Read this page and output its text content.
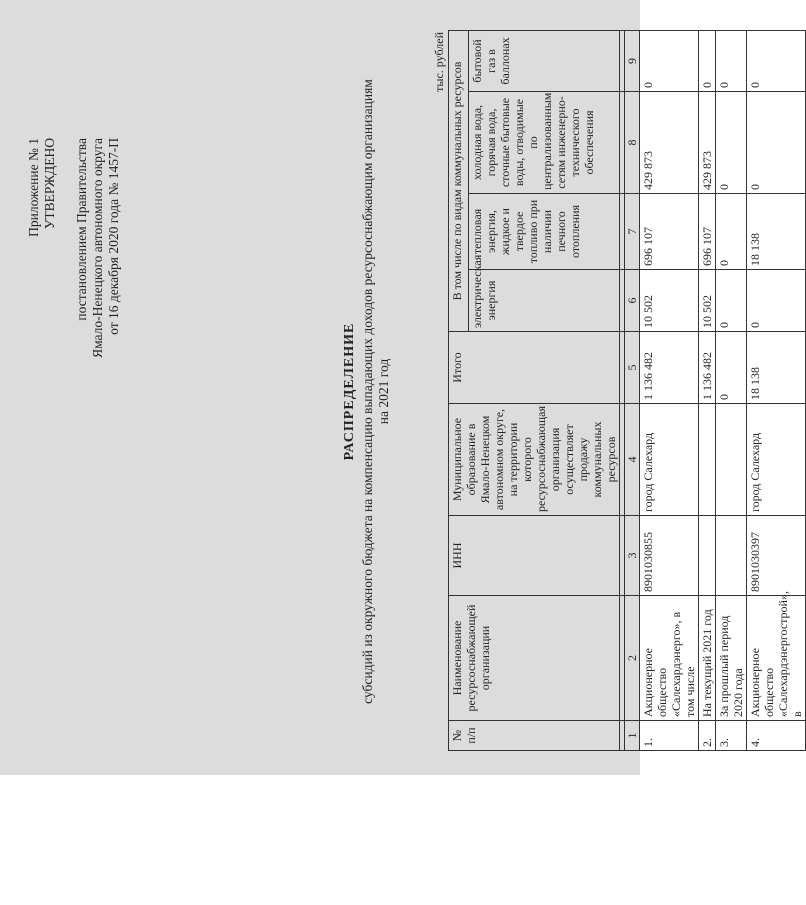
Приложение № 1 УТВЕРЖДЕНО постановлением Правительства Ямало-Ненецкого автономного округа от 16 декабря 2020 года № 1457-П
РАСПРЕДЕЛЕНИЕ субсидий из окружного бюджета на компенсацию выпадающих доходов ресурсоснабжающим организациям на 2021 год
тыс. рублей
№ п/п	Наименование ресурсоснабжающей организации	ИНН	Муниципальное образование в Ямало-Ненецком автономном округе, на территории которого ресурсоснабжающая организация осуществляет продажу коммунальных ресурсов	Итого	В том числе по видам коммунальных ресурсов			
					электрическая энергия	тепловая энергия, жидкое и твердое топливо при наличии печного отопления	холодная вода, горячая вода, сточные бытовые воды, отводимые по централизованным сетям инженерно-технического обеспечения	бытовой газ в баллонах

1	2	3	4	5	6	7	8	9
1.	Акционерное общество «Салехардэнерго», в том числе	8901030855	город Салехард	1 136 482	10 502	696 107	429 873	0
2.	На текущий 2021 год			1 136 482	10 502	696 107	429 873	0
3.	За прошлый период 2020 года			0	0	0	0	0
4.	Акционерное общество «Салехардэнергострой», в	8901030397	город Салехард	18 138	0	18 138	0	0
